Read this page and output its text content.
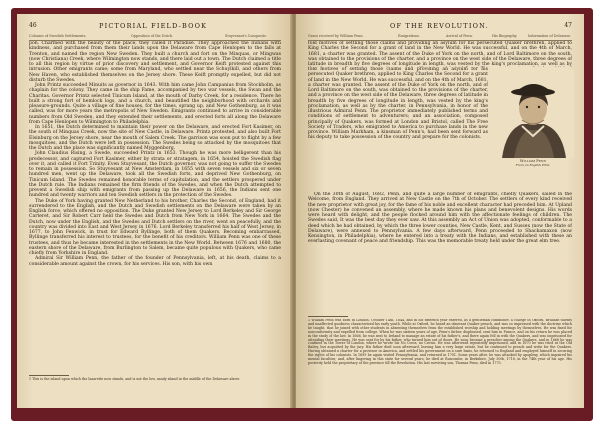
46	PICTORIAL FIELD-BOOK
Colonies of Swedish Settlements.	Opposition of the Dutch.	Stuyvesant's Conquests.

pon. Charmed with the beauty of the place, they called it Paradise. They approached the Indians with kindness, and purchased from them their lands upon the Delaware from Cape Henlopen to the falls at Trenton, and named the region New Sweden. They built a church and fort on the Minquas, or Mingwas (now Christiana) Creek, where Wilmington now stands, and there laid out a town. The Dutch claimed a title to all this region by virtue of prior discovery and settlement, and Governor Keift protested against this intrusion. Other emigrants came; some from Maryland, who settled near the Schuylkill, and others from New Haven, who established themselves on the Jersey shore. These Keift promptly expelled, but did not disturb the Swedes.

John Printz succeeded Minuits as governor in 1643. With him came John Campanius from Stockholm, as chaplain for the colony. They came in the ship Fame, accompanied by two war vessels, the Swan and the Charitas. Governor Printz selected Tinicum Island, at the mouth of Darby Creek, for a residence. There he built a strong fort of hemlock logs, and a church, and beautified the neighborhood with orchards and pleasure-grounds. Quite a village of fine houses, for the times, sprang up, and New Gothenburg, as it was called, was for more years the metropolis of New Sweden. Emigrants continued to arrive in considerable numbers from Old Sweden, and they extended their settlements, and erected forts all along the Delaware from Cape Henlopen to Wilmington to Philadelphia.

In 1651, the Dutch determined to maintain their power on the Delaware, and erected Fort Kasimer, on the south of Minquas Creek, now the site of New Castle, in Delaware. Printz protested, and also built Fort Elsinburg on the Jersey shore, near the mouth of Salem Creek. The garrison was soon put to flight by a few mosquitoes, and the Dutch were left in possession. The Swedes being so attacked by the mosquitoes that the Dutch and the place was significantly named Myggenborg.

John Claudius Rising, a Swede, succeeded Printz in 1653. Though he was more belligerent than his predecessor, and captured Fort Kasimer, either by strata or stratagem, in 1654, hoisted the Swedish flag over it, and called it Fort Trinity. Even Stuyvesant, the Dutch governor, was not going to suffer the Swedes to remain in possession. So Stuyvesant at New Amsterdam, in 1655 with seven vessels and six or seven hundred men, went up the Delaware, took all the Swedish forts, and deprived New Gothenburg, on Tinicum Island. The Swedes remained honorable terms of capitulation, and the settlers prospered under the Dutch rule. The Indians remained the firm friends of the Swedes, and when the Dutch attempted to prevent a Swedish ship with emigrants from passing up the Delaware in 1656, the Indians sent one hundred and twenty warriors and ten Swedish settlers in the protection of the Swedes.

The Duke of York having granted New Netherland to his brother, Charles the Second, of England, had it surrendered to the English, and the Dutch and Swedish settlements on the Delaware were taken by an English force, which offered no opposition. The Duke granted New Jersey to Lord Berkeley and Sir George Carteret, and Sir Robert Carr held the Swedes and Dutch from New York in 1664. The Swedes and the Dutch, now under the English, and the Swedes and Dutch settlers on the river, went on peacefully, and the country was divided into East and West Jersey in 1676. Lord Berkeley transferred his half of West Jersey, in 1677, to John Fenwick, in trust for Edward Byllinge, both of them Quakers. Becoming embarrassed, Byllinge transferred his interest to trustees, for the benefit of his creditors. William Penn was one of these trustees, and thus he became interested in the settlements in the New World. Between 1676 and 1680, the eastern shore of the Delaware, from Burlington to Salem, became quite populous with Quakers, who came chiefly from Yorkshire in England.

Admiral Sir William Penn, the father of the founder of Pennsylvania, left, at his death, claims to a considerable amount against the crown, for his services. His son, with his own

1 This is the island upon which the lazarette now stands, and is not the low, sandy island in the middle of the Delaware above.
OF THE REVOLUTION.	47
Grant received by William Penn.	Emigrations.	Arrival of Penn.	His Biography.	Information of Delaware.

fold motives of settling those claims and providing an asylum for his persecuted Quaker brethren, applied to King Charles the Second for a grant of land in the New World. He was successful, and on the 4th of March, 1681, a charter was granted. The assent of the Duke of York on the north, and of Lord Baltimore on the south, was obtained to the provisions of the charter, and a province on the west side of the Delaware, three degrees of latitude in breadth by five degrees of longitude in length, was vested by the king's proclamation, as well as by

fold motives of settling those claims and providing an asylum for his persecuted Quaker brethren, applied to King Charles the Second for a grant of land in the New World. He was successful, and on the 4th of March, 1681, a charter was granted. The assent of the Duke of York on the north, and of Lord Baltimore on the south, was obtained to the provisions of the charter, and a province on the west side of the Delaware, three degrees of latitude in breadth by five degrees of longitude in length, was vested by the king's proclamation, as well as by the charter, in Pennsylvania, in honor of the illustrious Admiral Penn. The proprietor immediately published terms and conditions of settlement to adventurers; and an association, composed principally of Quakers, was formed at London and Bristol, called The Free Society of Traders, who emigrated to America to purchase lands in the new province. William Markham, a kinsman of Penn's, had been sent forward as his deputy to take possession of the country and prepare for the colonists.

William Penn
From an English Print.

On the 30th of August, 1682, Penn, and quite a large number of emigrants, chiefly Quakers, sailed in the Welcome, from England. They arrived at New Castle on the 7th of October. The settlers of every kind received the new proprietor with great joy, for the fame of his noble and excellent character had preceded him. At Upland (now Chester) he convened an assembly, where he made known his plans and benevolent designs. His words were heard with delight, and the people flocked around him with the affectionate feelings of children. The Swedes said, It was the best day they ever saw. At this assembly an Act of Union was adopted, conformable to a deed which he had obtained, by which the three lower counties, New Castle, Kent, and Sussex (now the State of Delaware), were annexed to Pennsylvania. A few days afterward, Penn proceeded to Shackamaxon (now Kensington, in Philadelphia), where he entered into a treaty with the Indians, and established with these an everlasting covenant of peace and friendship. This was the memorable treaty held under the great elm tree.

1 William Penn was born in London, October 14th, 1644, and in his fifteenth year entered, as a gentleman commoner, a college in Oxford. Brilliant talents and unaffected goodness characterized his early youth. While at Oxford, he heard an itinerant Quaker preach, and was so impressed with the doctrine which he taught, that he joined with other students in absenting themselves from the established worship and holding meetings by themselves. He was fined for nonconformity and expelled from college. When he was sixteen years of age, Penn's father, displeased, sent him to France, and on his return he was placed in the study of the law. In 1666, he was sent to Ireland to manage an estate of his father's, and there again fell in with the Quakers, and was imprisoned for attending their meetings. He was sent for by his father, who turned him out of doors. He soon became a preacher among the Quakers, and in 1668 he was confined in the Tower of London, where he wrote his No Cross, no Crown. He was afterward repeatedly imprisoned, and in 1670 he was tried at the Old Bailey, but acquitted by the jury. His father died soon afterward, leaving him a very large estate, but he continued to preach and write for the Quakers. Having obtained a charter for a province in America, and settled his government on a sure basis, he returned to England and employed himself in securing the rights of his colonists. In 1699 he again visited Pennsylvania, and returned in 1701. Some years after, he was attacked by apoplexy, which impaired his mental faculties; and, after lingering in this state for several years, he died at Ruscombe, in Berkshire, July 30th, 1718, in the 74th year of his age. His posterity held the proprietary of the province till the Revolution. His last surviving son, Thomas Penn, died in 1775.
